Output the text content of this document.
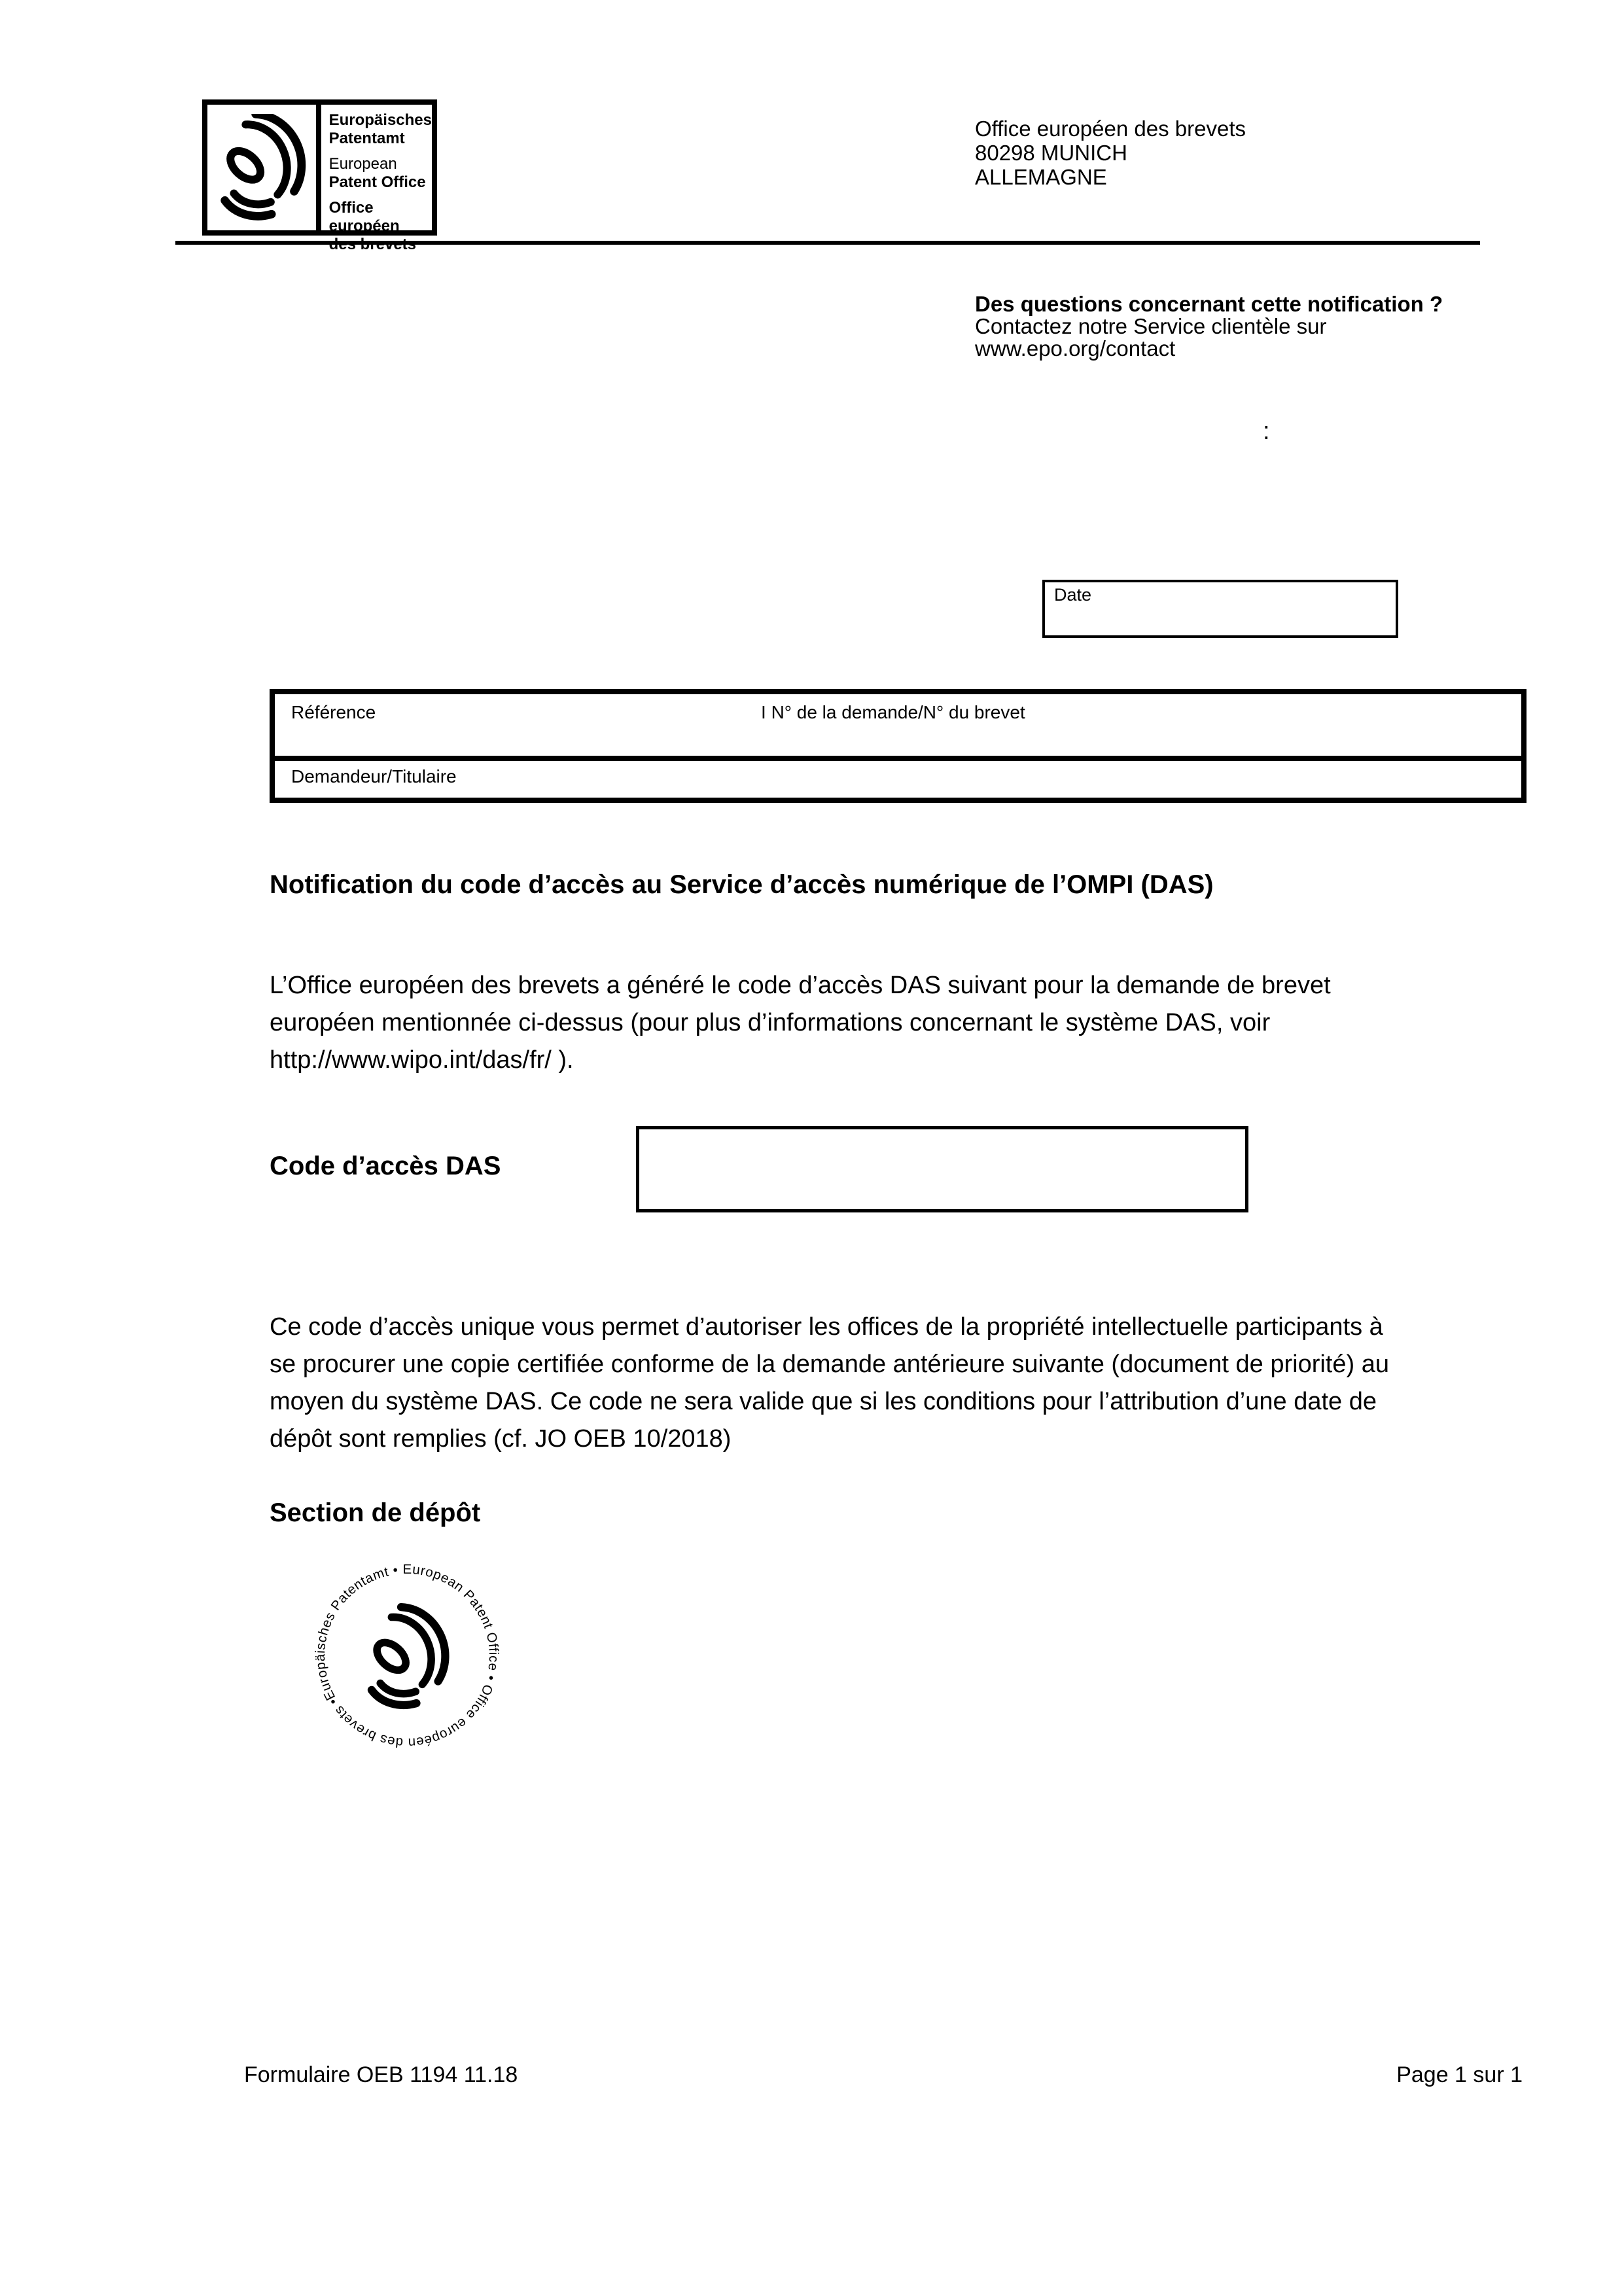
Europäisches
Patentamt
European
Patent Office
Office européen
Office européen des brevets
80298 MUNICH
ALLEMAGNE
Des questions concernant cette notification ?
Contactez notre Service clientèle sur
www.epo.org/contact
:
Date
Référence	I N° de la demande/N° du brevet
Demandeur/Titulaire
Notification du code d’accès au Service d’accès numérique de l’OMPI (DAS)
L’Office européen des brevets a généré le code d’accès DAS suivant pour la demande de brevet
européen mentionnée ci-dessus (pour plus d’informations concernant le système DAS, voir
http://www.wipo.int/das/fr/ ).
Code d’accès DAS
Ce code d’accès unique vous permet d’autoriser les offices de la propriété intellectuelle participants à
se procurer une copie certifiée conforme de la demande antérieure suivante (document de priorité) au
moyen du système DAS. Ce code ne sera valide que si les conditions pour l’attribution d’une date de
dépôt sont remplies (cf. JO OEB 10/2018)
Section de dépôt
Europäisches Patentamt • European Patent Office • Office européen des brevets •
Formulaire OEB 1194 11.18	Page 1 sur 1
